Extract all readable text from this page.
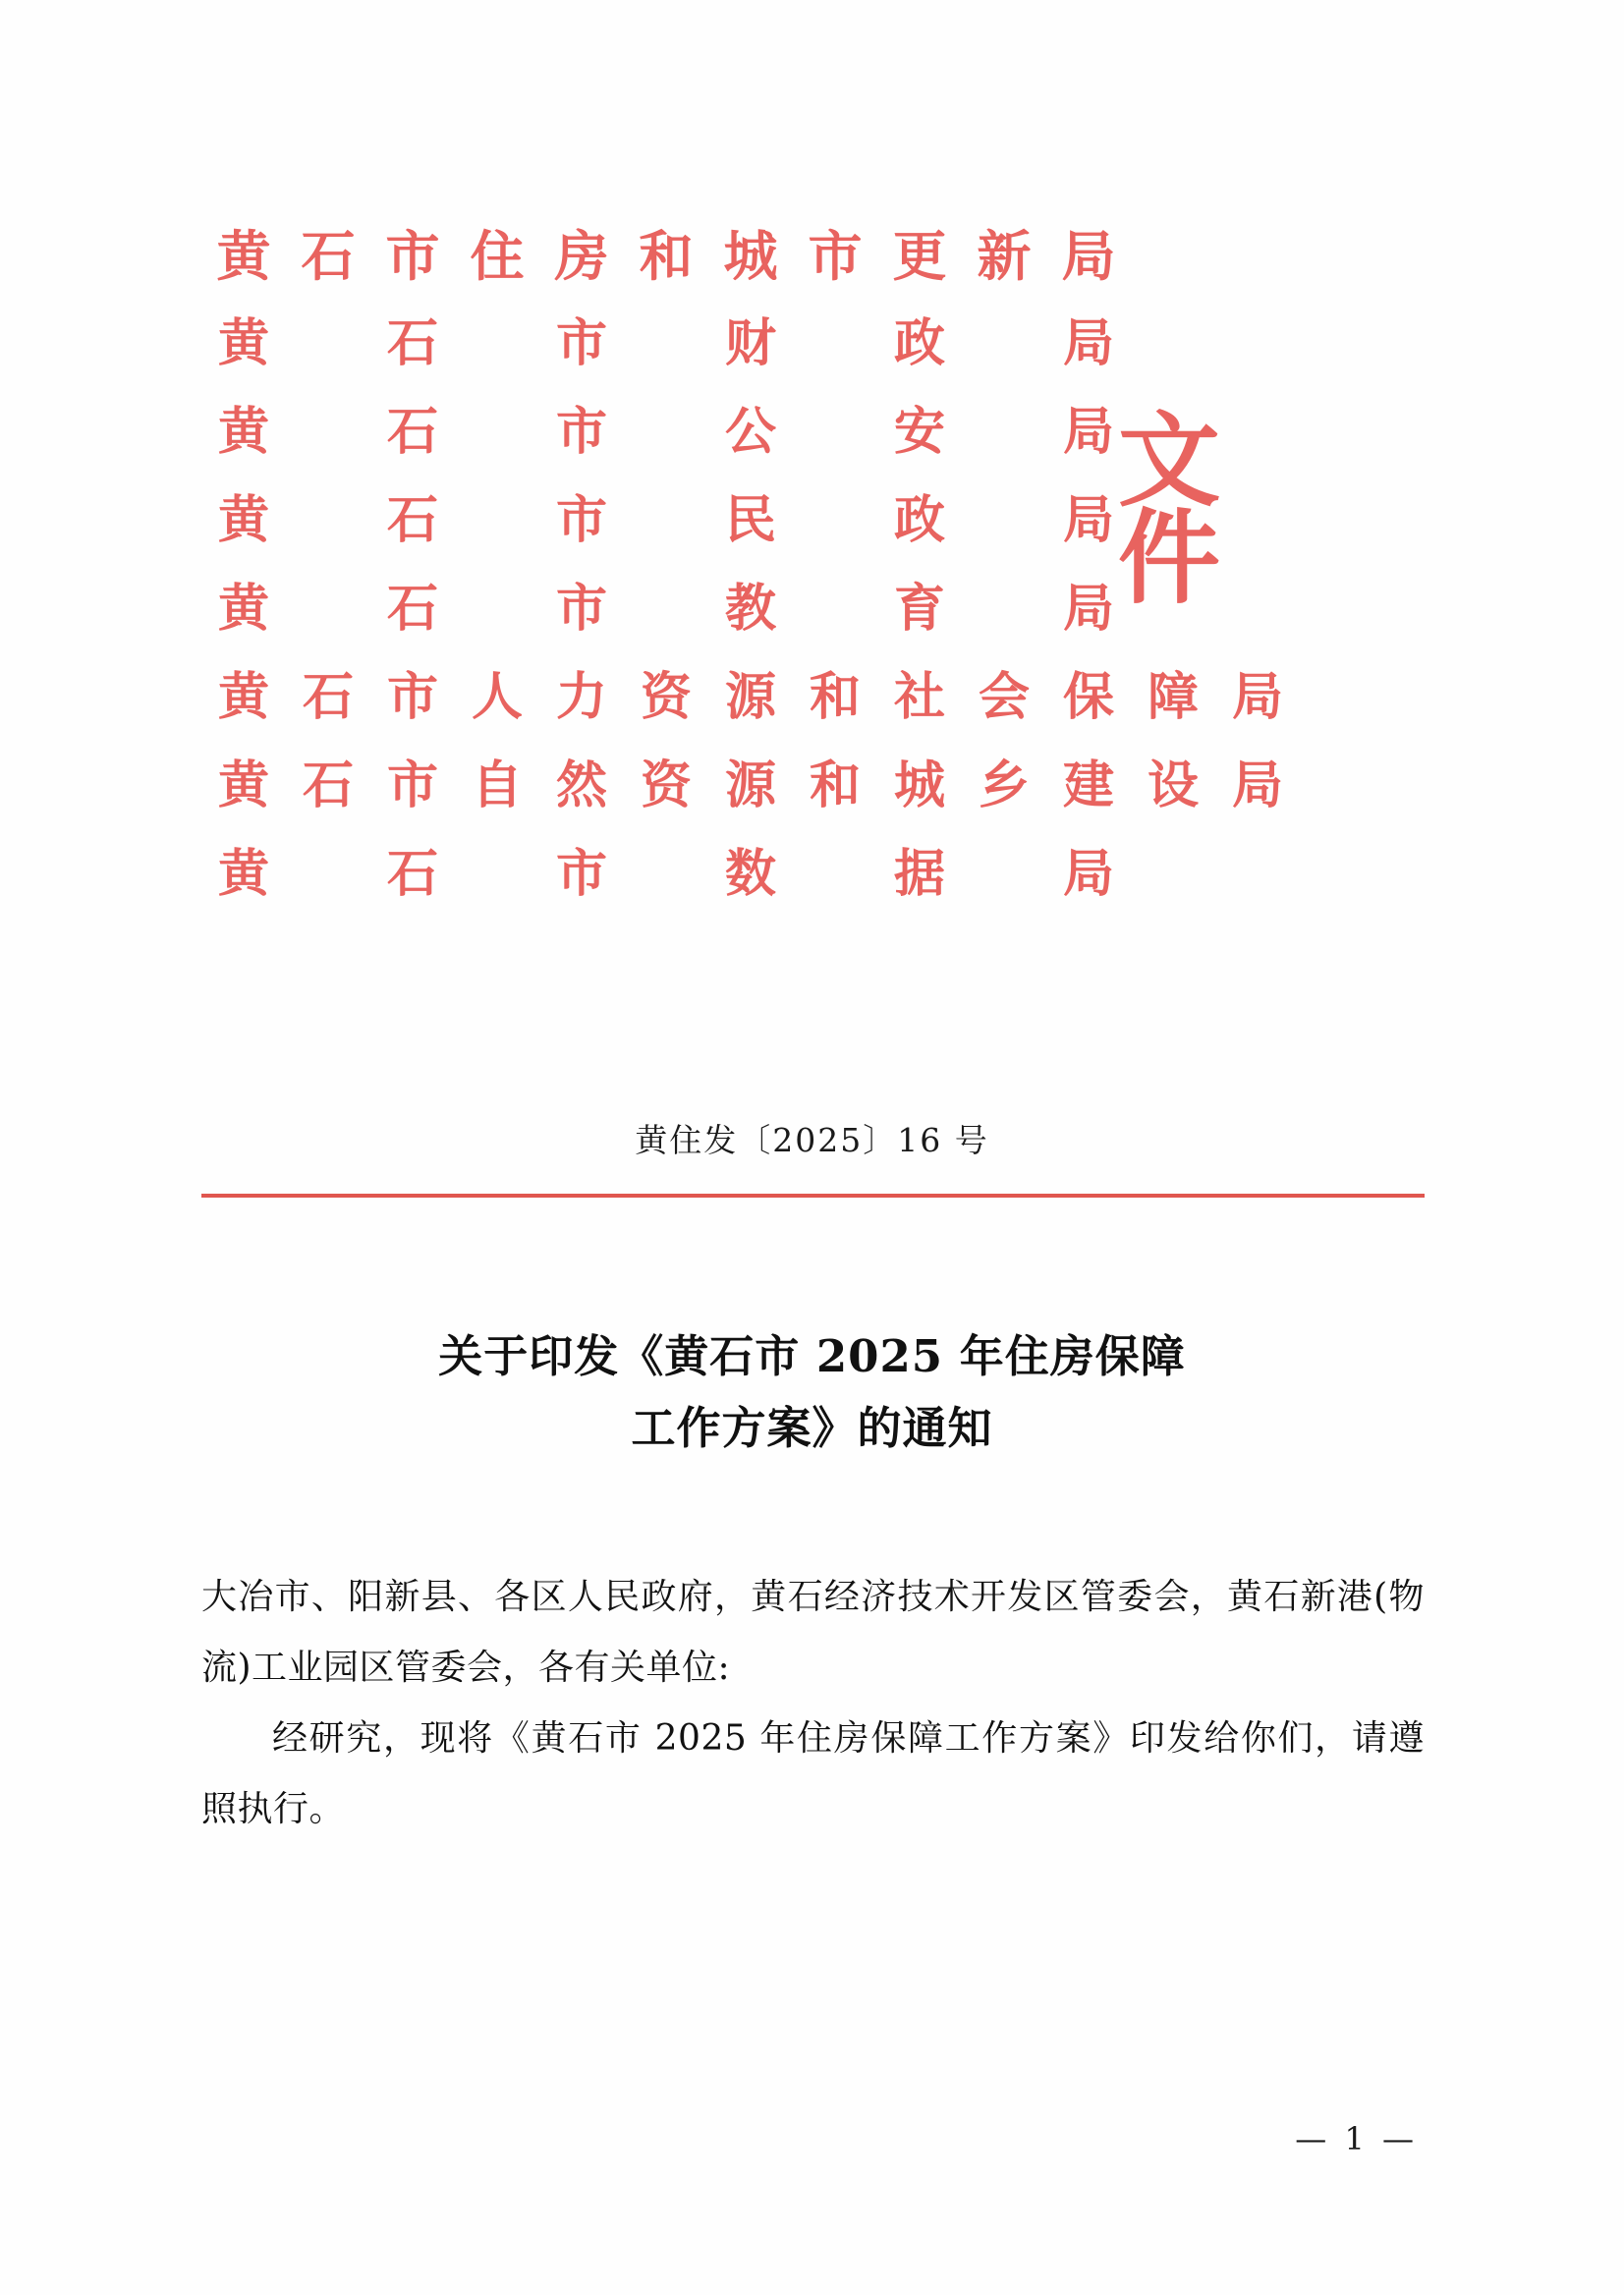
黄 石 市 住 房 和 城 市 更 新 局
黄	石	市	财	政	局
黄	石	市	公	安	局
黄	石	市	民	政	局
黄	石	市	教	育	局
黄 石 市 人 力 资 源 和 社 会 保 障 局
黄 石 市 自 然 资 源 和 城 乡 建 设 局
黄	石	市	数	据	局
文件
黄住发〔2025〕16 号
关于印发《黄石市 2025 年住房保障
工作方案》的通知

大冶市、阳新县、各区人民政府，黄石经济技术开发区管委会，黄石新港(物流)工业园区管委会，各有关单位:

经研究，现将《黄石市 2025 年住房保障工作方案》印发给你们，请遵照执行。

— 1 —
